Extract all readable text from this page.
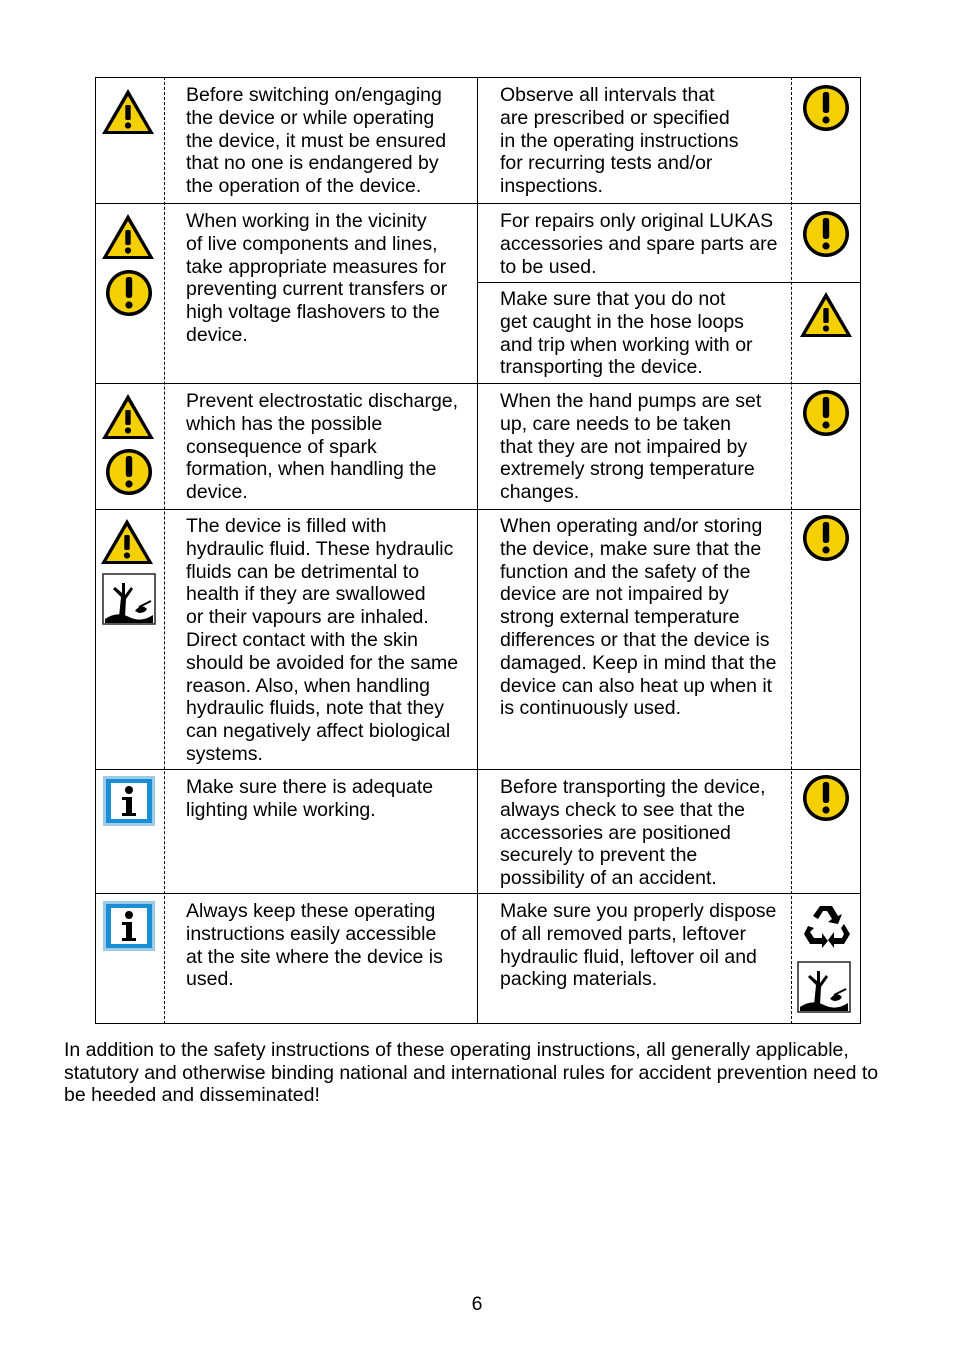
Before switching on/engaging
the device or while operating
the device, it must be ensured
that no one is endangered by
the operation of the device.
Observe all intervals that
are prescribed or specified
in the operating instructions
for recurring tests and/or
inspections.
When working in the vicinity
of live components and lines,
take appropriate measures for
preventing current transfers or
high voltage flashovers to the
device.
For repairs only original LUKAS
accessories and spare parts are
to be used.
Make sure that you do not
get caught in the hose loops
and trip when working with or
transporting the device.
Prevent electrostatic discharge,
which has the possible
consequence of spark
formation, when handling the
device.
When the hand pumps are set
up, care needs to be taken
that they are not impaired by
extremely strong temperature
changes.
The device is filled with
hydraulic fluid. These hydraulic
fluids can be detrimental to
health if they are swallowed
or their vapours are inhaled.
Direct contact with the skin
should be avoided for the same
reason. Also, when handling
hydraulic fluids, note that they
can negatively affect biological
systems.
When operating and/or storing
the device, make sure that the
function and the safety of the
device are not impaired by
strong external temperature
differences or that the device is
damaged. Keep in mind that the
device can also heat up when it
is continuously used.
Make sure there is adequate
lighting while working.
Before transporting the device,
always check to see that the
accessories are positioned
securely to prevent the
possibility of an accident.
Always keep these operating
instructions easily accessible
at the site where the device is
used.
Make sure you properly dispose
of all removed parts, leftover
hydraulic fluid, leftover oil and
packing materials.
In addition to the safety instructions of these operating instructions, all generally applicable, statutory and otherwise binding national and international rules for accident prevention need to be heeded and disseminated!
6
